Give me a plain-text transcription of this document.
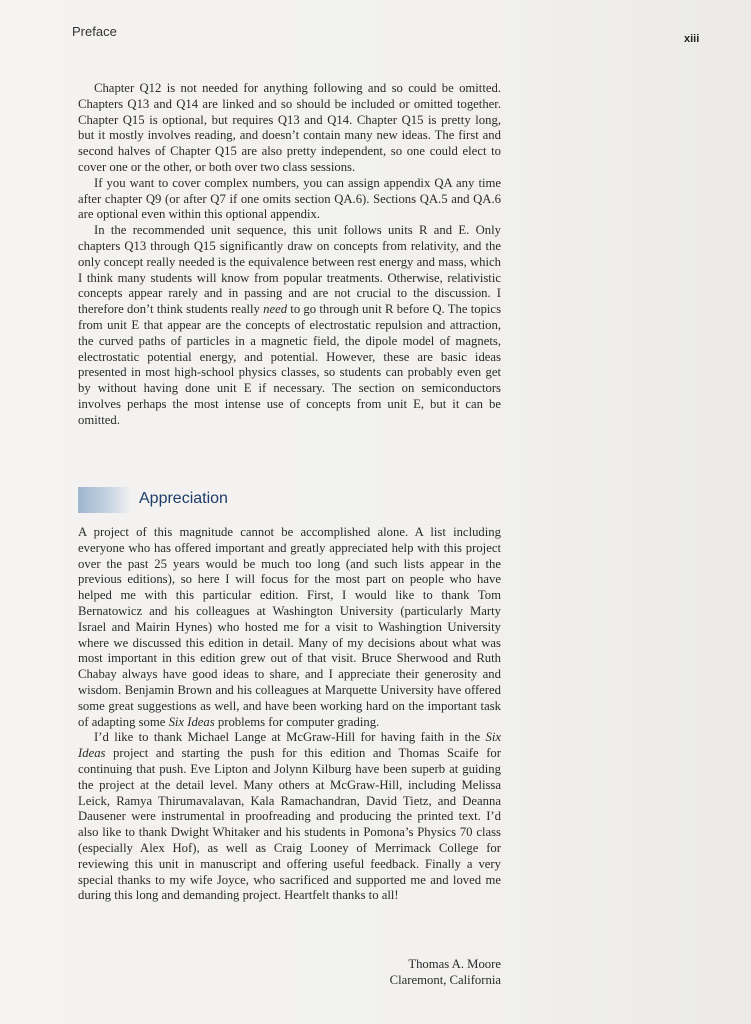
Preface	xiii

Chapter Q12 is not needed for anything following and so could be omitted. Chapters Q13 and Q14 are linked and so should be included or omitted together. Chapter Q15 is optional, but requires Q13 and Q14. Chapter Q15 is pretty long, but it mostly involves reading, and doesn’t contain many new ideas. The first and second halves of Chapter Q15 are also pretty independent, so one could elect to cover one or the other, or both over two class sessions.

If you want to cover complex numbers, you can assign appendix QA any time after chapter Q9 (or after Q7 if one omits section QA.6). Sections QA.5 and QA.6 are optional even within this optional appendix.

In the recommended unit sequence, this unit follows units R and E. Only chapters Q13 through Q15 significantly draw on concepts from relativity, and the only concept really needed is the equivalence between rest energy and mass, which I think many students will know from popular treatments. Otherwise, relativistic concepts appear rarely and in passing and are not crucial to the discussion. I therefore don’t think students really need to go through unit R before Q. The topics from unit E that appear are the concepts of electrostatic repulsion and attraction, the curved paths of particles in a magnetic field, the dipole model of magnets, electrostatic potential energy, and potential. However, these are basic ideas presented in most high-school physics classes, so students can probably even get by without having done unit E if necessary. The section on semiconductors involves perhaps the most intense use of concepts from unit E, but it can be omitted.

Appreciation

A project of this magnitude cannot be accomplished alone. A list including everyone who has offered important and greatly appreciated help with this project over the past 25 years would be much too long (and such lists appear in the previous editions), so here I will focus for the most part on people who have helped me with this particular edition. First, I would like to thank Tom Bernatowicz and his colleagues at Washington University (particularly Marty Israel and Mairin Hynes) who hosted me for a visit to Washingtion University where we discussed this edition in detail. Many of my decisions about what was most important in this edition grew out of that visit. Bruce Sherwood and Ruth Chabay always have good ideas to share, and I appreciate their generosity and wisdom. Benjamin Brown and his colleagues at Marquette University have offered some great suggestions as well, and have been working hard on the important task of adapting some Six Ideas problems for computer grading.

I’d like to thank Michael Lange at McGraw-Hill for having faith in the Six Ideas project and starting the push for this edition and Thomas Scaife for continuing that push. Eve Lipton and Jolynn Kilburg have been superb at guiding the project at the detail level. Many others at McGraw-Hill, including Melissa Leick, Ramya Thirumavalavan, Kala Ramachandran, David Tietz, and Deanna Dausener were instrumental in proofreading and producing the printed text. I’d also like to thank Dwight Whitaker and his students in Pomona’s Physics 70 class (especially Alex Hof), as well as Craig Looney of Merrimack College for reviewing this unit in manuscript and offering useful feedback. Finally a very special thanks to my wife Joyce, who sacrificed and supported me and loved me during this long and demanding project. Heartfelt thanks to all!

Thomas A. Moore
Claremont, California
